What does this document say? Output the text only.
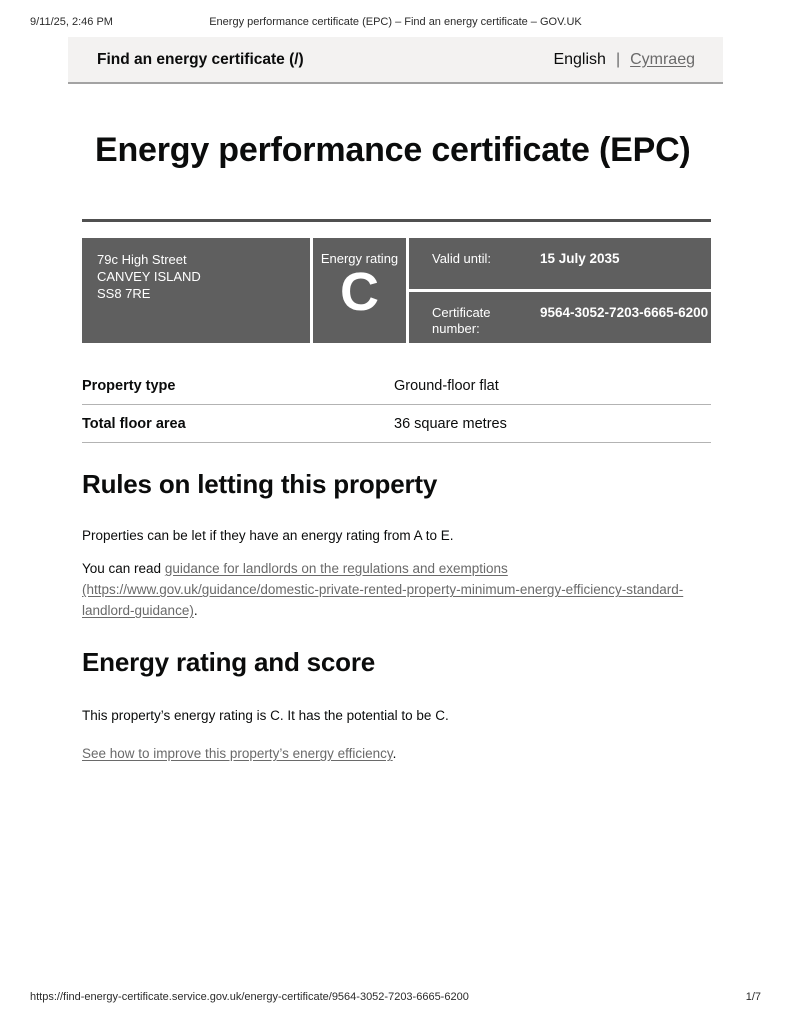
9/11/25, 2:46 PM	Energy performance certificate (EPC) – Find an energy certificate – GOV.UK
Find an energy certificate (/)	English | Cymraeg
Energy performance certificate (EPC)
79c High Street
CANVEY ISLAND
SS8 7RE
Energy rating
C
Valid until:	15 July 2035
Certificate number:
9564-3052-7203-6665-6200
Property type	Ground-floor flat
Total floor area	36 square metres
Rules on letting this property

Properties can be let if they have an energy rating from A to E.

You can read guidance for landlords on the regulations and exemptions (https://www.gov.uk/guidance/domestic-private-rented-property-minimum-energy-efficiency-standard-landlord-guidance).

Energy rating and score

This property’s energy rating is C. It has the potential to be C.

See how to improve this property’s energy efficiency.

https://find-energy-certificate.service.gov.uk/energy-certificate/9564-3052-7203-6665-6200	1/7
